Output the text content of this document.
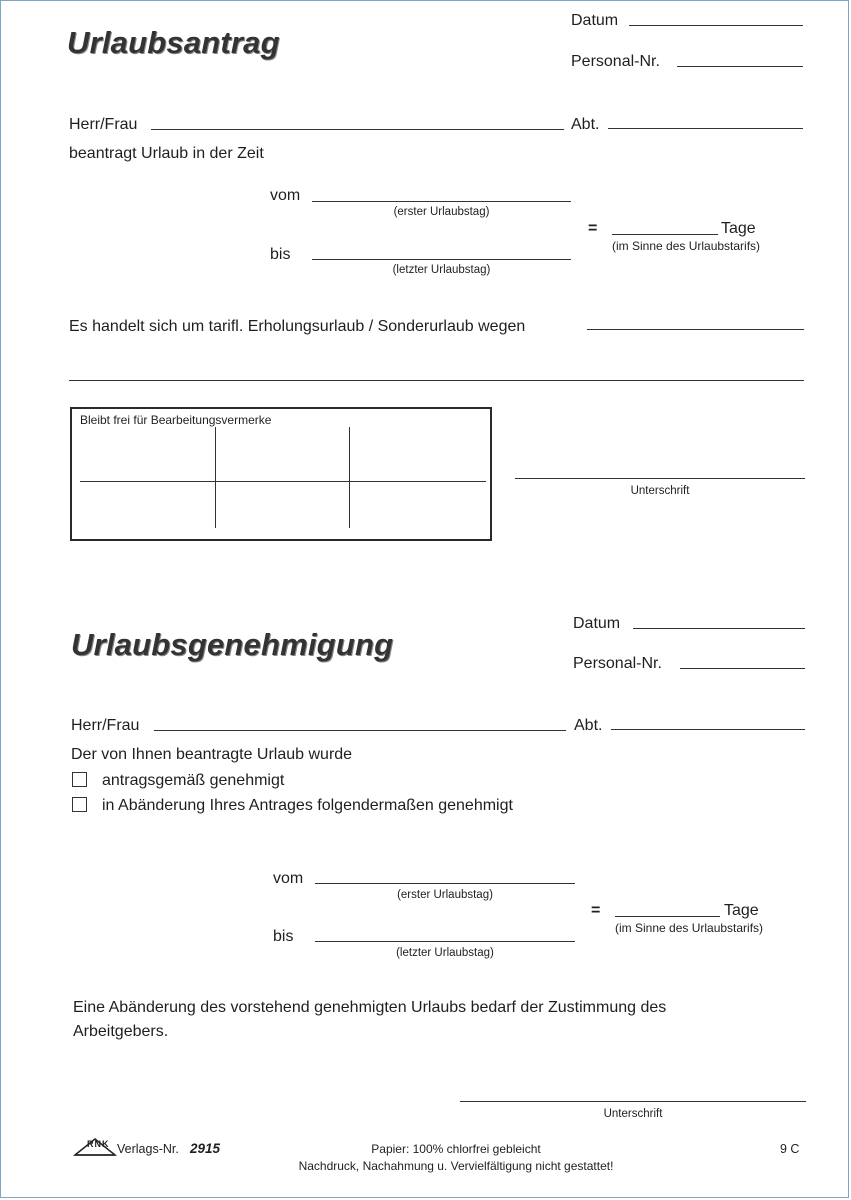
Urlaubsantrag
Datum
Personal-Nr.
Herr/Frau	Abt.
beantragt Urlaub in der Zeit
vom
(erster Urlaubstag)
bis
(letzter Urlaubstag)
=	Tage
(im Sinne des Urlaubstarifs)
Es handelt sich um tarifl. Erholungsurlaub / Sonderurlaub wegen
Bleibt frei für Bearbeitungsvermerke
Unterschrift
Urlaubsgenehmigung
Datum
Personal-Nr.
Herr/Frau	Abt.
Der von Ihnen beantragte Urlaub wurde
antragsgemäß genehmigt
in Abänderung Ihres Antrages folgendermaßen genehmigt
vom
(erster Urlaubstag)
bis
(letzter Urlaubstag)
=	Tage
(im Sinne des Urlaubstarifs)
Eine Abänderung des vorstehend genehmigten Urlaubs bedarf der Zustimmung des
Arbeitgebers.
Unterschrift
RNK Verlags-Nr. 2915	Papier: 100% chlorfrei gebleicht
Nachdruck, Nachahmung u. Vervielfältigung nicht gestattet!
9 C
